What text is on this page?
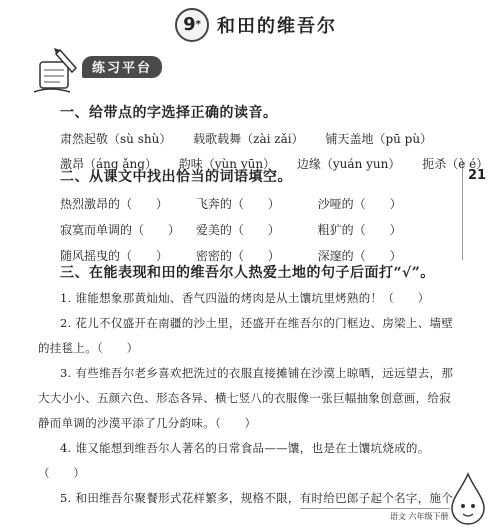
9* 和田的维吾尔
练习平台
21
一、给带点的字选择正确的读音。
肃然起敬（sù shù） 载歌载舞（zài zǎi） 铺天盖地（pū pù）
激昂（áng ǎng） 韵味（yùn yūn） 边缘（yuán yun） 扼杀（è é）
二、从课文中找出恰当的词语填空。
热烈激昂的（　　） 飞奔的（　　）	沙哑的（　　）
寂寞而单调的（　　） 爱美的（　　）	粗犷的（　　）
随风摇曳的（　　） 密密的（　　）	深邃的（　　）
三、在能表现和田的维吾尔人热爱土地的句子后面打“√”。
1. 谁能想象那黄灿灿、香气四溢的烤肉是从土馕坑里烤熟的！（　　）
2. 花儿不仅盛开在南疆的沙土里，还盛开在维吾尔的门框边、房梁上、墙壁
的挂毯上。（　　）
3. 有些维吾尔老乡喜欢把洗过的衣服直接摊铺在沙漠上晾晒，远远望去，那
大大小小、五颜六色、形态各异、横七竖八的衣服像一张巨幅抽象创意画，给寂
静而单调的沙漠平添了几分韵味。（　　）
4. 谁又能想到维吾尔人著名的日常食品——馕，也是在土馕坑烧成的。
（　　）
5. 和田维吾尔聚餐形式花样繁多，规格不限，有时给巴郎子起个名字，施个
语文 六年级下册
